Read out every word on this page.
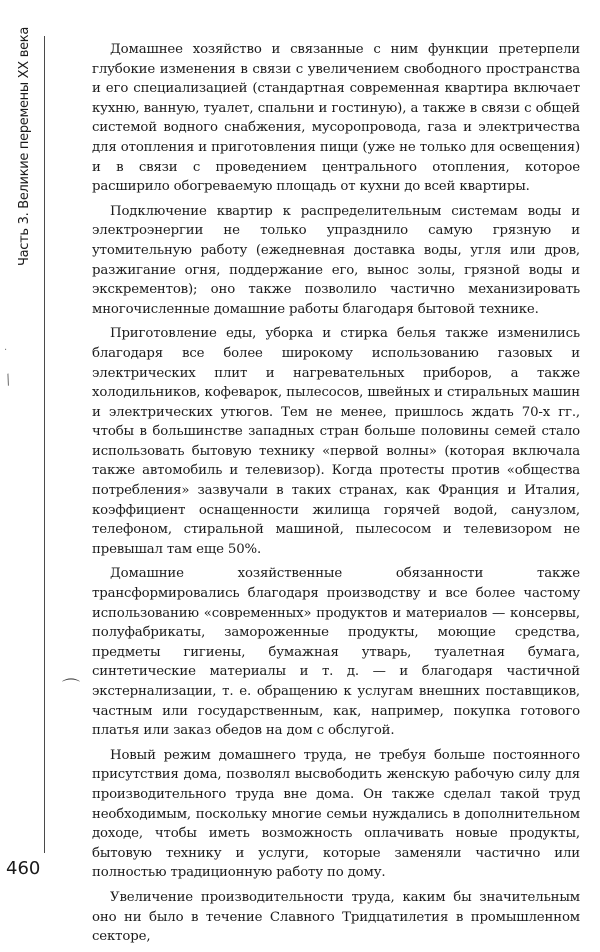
Часть 3. Великие перемены XX века
·
/
⌒

Домашнее хозяйство и связанные с ним функции претерпели глубокие изменения в связи с увеличением свободного пространства и его специализацией (стандартная современная квартира включает кухню, ванную, туалет, спальни и гостиную), а также в связи с общей системой водного снабжения, мусоропровода, газа и электричества для отопления и приготовления пищи (уже не только для освещения) и в связи с проведением центрального отопления, которое расширило обогреваемую площадь от кухни до всей квартиры.

Подключение квартир к распределительным системам воды и электроэнергии не только упразднило самую грязную и утомительную работу (ежедневная доставка воды, угля или дров, разжигание огня, поддержание его, вынос золы, грязной воды и экскрементов); оно также позволило частично механизировать многочисленные домашние работы благодаря бытовой технике.

Приготовление еды, уборка и стирка белья также изменились благодаря все более широкому использованию газовых и электрических плит и нагревательных приборов, а также холодильников, кофеварок, пылесосов, швейных и стиральных машин и электрических утюгов. Тем не менее, пришлось ждать 70-х гг., чтобы в большинстве западных стран больше половины семей стало использовать бытовую технику «первой волны» (которая включала также автомобиль и телевизор). Когда протесты против «общества потребления» зазвучали в таких странах, как Франция и Италия, коэффициент оснащенности жилища горячей водой, санузлом, телефоном, стиральной машиной, пылесосом и телевизором не превышал там еще 50%.

Домашние хозяйственные обязанности также трансформировались благодаря производству и все более частому использованию «современных» продуктов и материалов — консервы, полуфабрикаты, замороженные продукты, моющие средства, предметы гигиены, бумажная утварь, туалетная бумага, синтетические материалы и т. д. — и благодаря частичной экстернализации, т. е. обращению к услугам внешних поставщиков, частным или государственным, как, например, покупка готового платья или заказ обедов на дом с обслугой.

Новый режим домашнего труда, не требуя больше постоянного присутствия дома, позволял высвободить женскую рабочую силу для производительного труда вне дома. Он также сделал такой труд необходимым, поскольку многие семьи нуждались в дополнительном доходе, чтобы иметь возможность оплачивать новые продукты, бытовую технику и услуги, которые заменяли частично или полностью традиционную работу по дому.

Увеличение производительности труда, каким бы значительным оно ни было в течение Славного Тридцатилетия в промышленном секторе,

460
